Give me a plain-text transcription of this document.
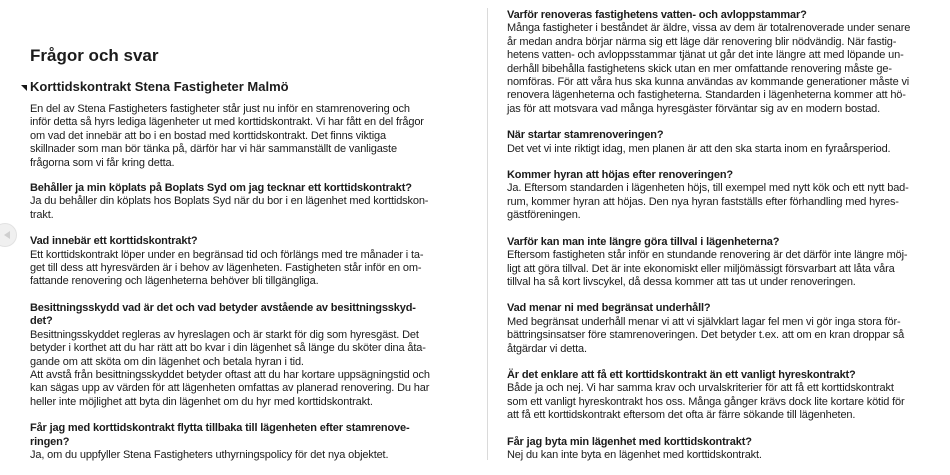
Frågor och svar
Korttidskontrakt Stena Fastigheter Malmö
En del av Stena Fastigheters fastigheter står just nu inför en stamrenovering och
inför detta så hyrs lediga lägenheter ut med korttidskontrakt. Vi har fått en del frågor
om vad det innebär att bo i en bostad med korttidskontrakt. Det finns viktiga
skillnader som man bör tänka på, därför har vi här sammanställt de vanligaste
frågorna som vi får kring detta.
Behåller ja min köplats på Boplats Syd om jag tecknar ett korttidskontrakt?
Ja du behåller din köplats hos Boplats Syd när du bor i en lägenhet med korttidskon-
trakt.
Vad innebär ett korttidskontrakt?
Ett korttidskontrakt löper under en begränsad tid och förlängs med tre månader i ta-
get till dess att hyresvärden är i behov av lägenheten. Fastigheten står inför en om-
fattande renovering och lägenheterna behöver bli tillgängliga.
Besittningsskydd vad är det och vad betyder avstående av besittningsskyd-
det?
Besittningsskyddet regleras av hyreslagen och är starkt för dig som hyresgäst. Det
betyder i korthet att du har rätt att bo kvar i din lägenhet så länge du sköter dina åta-
gande om att sköta om din lägenhet och betala hyran i tid.
Att avstå från besittningsskyddet betyder oftast att du har kortare uppsägningstid och
kan sägas upp av värden för att lägenheten omfattas av planerad renovering. Du har
heller inte möjlighet att byta din lägenhet om du hyr med korttidskontrakt.
Får jag med korttidskontrakt flytta tillbaka till lägenheten efter stamrenove-
ringen?
Ja, om du uppfyller Stena Fastigheters uthyrningspolicy för det nya objektet.
Varför renoveras fastighetens vatten- och avloppstammar?
Många fastigheter i beståndet är äldre, vissa av dem är totalrenoverade under senare
år medan andra börjar närma sig ett läge där renovering blir nödvändig. När fastig-
hetens vatten- och avloppsstammar tjänat ut går det inte längre att med löpande un-
derhåll bibehålla fastighetens skick utan en mer omfattande renovering måste ge-
nomföras. För att våra hus ska kunna användas av kommande generationer måste vi
renovera lägenheterna och fastigheterna. Standarden i lägenheterna kommer att hö-
jas för att motsvara vad många hyresgäster förväntar sig av en modern bostad.
När startar stamrenoveringen?
Det vet vi inte riktigt idag, men planen är att den ska starta inom en fyraårsperiod.
Kommer hyran att höjas efter renoveringen?
Ja. Eftersom standarden i lägenheten höjs, till exempel med nytt kök och ett nytt bad-
rum, kommer hyran att höjas. Den nya hyran fastställs efter förhandling med hyres-
gästföreningen.
Varför kan man inte längre göra tillval i lägenheterna?
Eftersom fastigheten står inför en stundande renovering är det därför inte längre möj-
ligt att göra tillval. Det är inte ekonomiskt eller miljömässigt försvarbart att låta våra
tillval ha så kort livscykel, då dessa kommer att tas ut under renoveringen.
Vad menar ni med begränsat underhåll?
Med begränsat underhåll menar vi att vi självklart lagar fel men vi gör inga stora för-
bättringsinsatser före stamrenoveringen. Det betyder t.ex. att om en kran droppar så
åtgärdar vi detta.
Är det enklare att få ett korttidskontrakt än ett vanligt hyreskontrakt?
Både ja och nej. Vi har samma krav och urvalskriterier för att få ett korttidskontrakt
som ett vanligt hyreskontrakt hos oss. Många gånger krävs dock lite kortare kötid för
att få ett korttidskontrakt eftersom det ofta är färre sökande till lägenheten.
Får jag byta min lägenhet med korttidskontrakt?
Nej du kan inte byta en lägenhet med korttidskontrakt.
